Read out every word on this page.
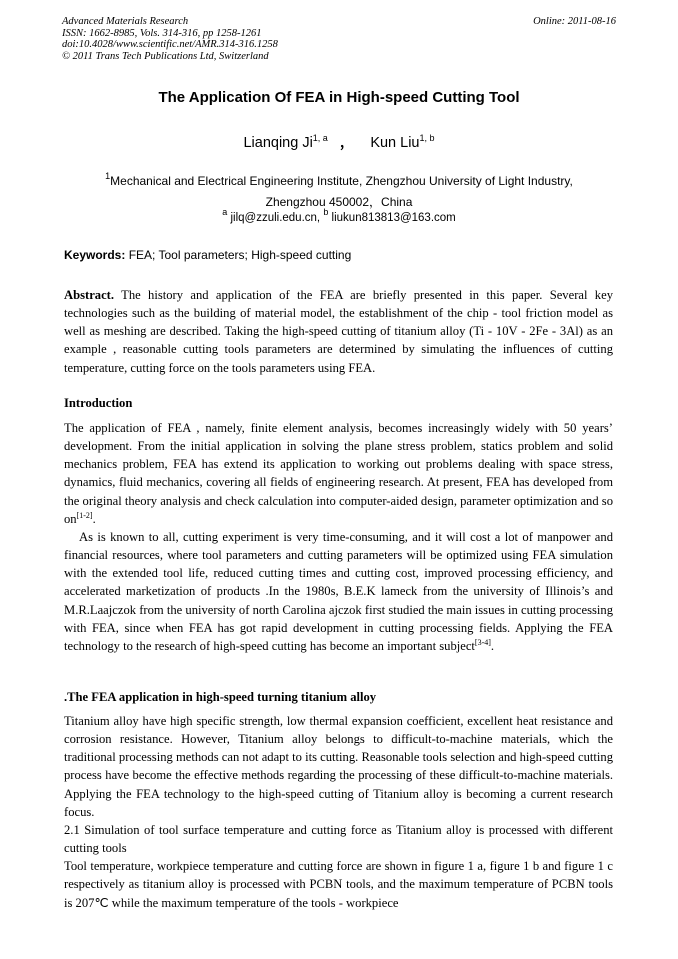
Advanced Materials Research
ISSN: 1662-8985, Vols. 314-316, pp 1258-1261
doi:10.4028/www.scientific.net/AMR.314-316.1258
© 2011 Trans Tech Publications Ltd, Switzerland
Online: 2011-08-16
The Application Of FEA in High-speed Cutting Tool
Lianqing Ji$^{1, a}$ ， Kun Liu$^{1, b}$
$^1$Mechanical and Electrical Engineering Institute, Zhengzhou University of Light Industry,
Zhengzhou 450002，China
$^a$ jilq@zzuli.edu.cn, $^b$ liukun813813@163.com
Keywords: FEA; Tool parameters; High-speed cutting

Abstract. The history and application of the FEA are briefly presented in this paper. Several key technologies such as the building of material model, the establishment of the chip - tool friction model as well as meshing are described. Taking the high-speed cutting of titanium alloy (Ti - 10V - 2Fe - 3Al) as an example , reasonable cutting tools parameters are determined by simulating the influences of cutting temperature, cutting force on the tools parameters using FEA.

Introduction

The application of FEA , namely, finite element analysis, becomes increasingly widely with 50 years’ development. From the initial application in solving the plane stress problem, statics problem and solid mechanics problem, FEA has extend its application to working out problems dealing with space stress, dynamics, fluid mechanics, covering all fields of engineering research. At present, FEA has developed from the original theory analysis and check calculation into computer-aided design, parameter optimization and so on[1-2].

As is known to all, cutting experiment is very time-consuming, and it will cost a lot of manpower and financial resources, where tool parameters and cutting parameters will be optimized using FEA simulation with the extended tool life, reduced cutting times and cutting cost, improved processing efficiency, and accelerated marketization of products .In the 1980s, B.E.K lameck from the university of Illinois’s and M.R.Laajczok from the university of north Carolina ajczok first studied the main issues in cutting processing with FEA, since when FEA has got rapid development in cutting processing fields. Applying the FEA technology to the research of high-speed cutting has become an important subject[3-4].

.The FEA application in high-speed turning titanium alloy

Titanium alloy have high specific strength, low thermal expansion coefficient, excellent heat resistance and corrosion resistance. However, Titanium alloy belongs to difficult-to-machine materials, which the traditional processing methods can not adapt to its cutting. Reasonable tools selection and high-speed cutting process have become the effective methods regarding the processing of these difficult-to-machine materials. Applying the FEA technology to the high-speed cutting of Titanium alloy is becoming a current research focus.

2.1 Simulation of tool surface temperature and cutting force as Titanium alloy is processed with different cutting tools

Tool temperature, workpiece temperature and cutting force are shown in figure 1 a, figure 1 b and figure 1 c respectively as titanium alloy is processed with PCBN tools, and the maximum temperature of PCBN tools is 207℃ while the maximum temperature of the tools - workpiece
